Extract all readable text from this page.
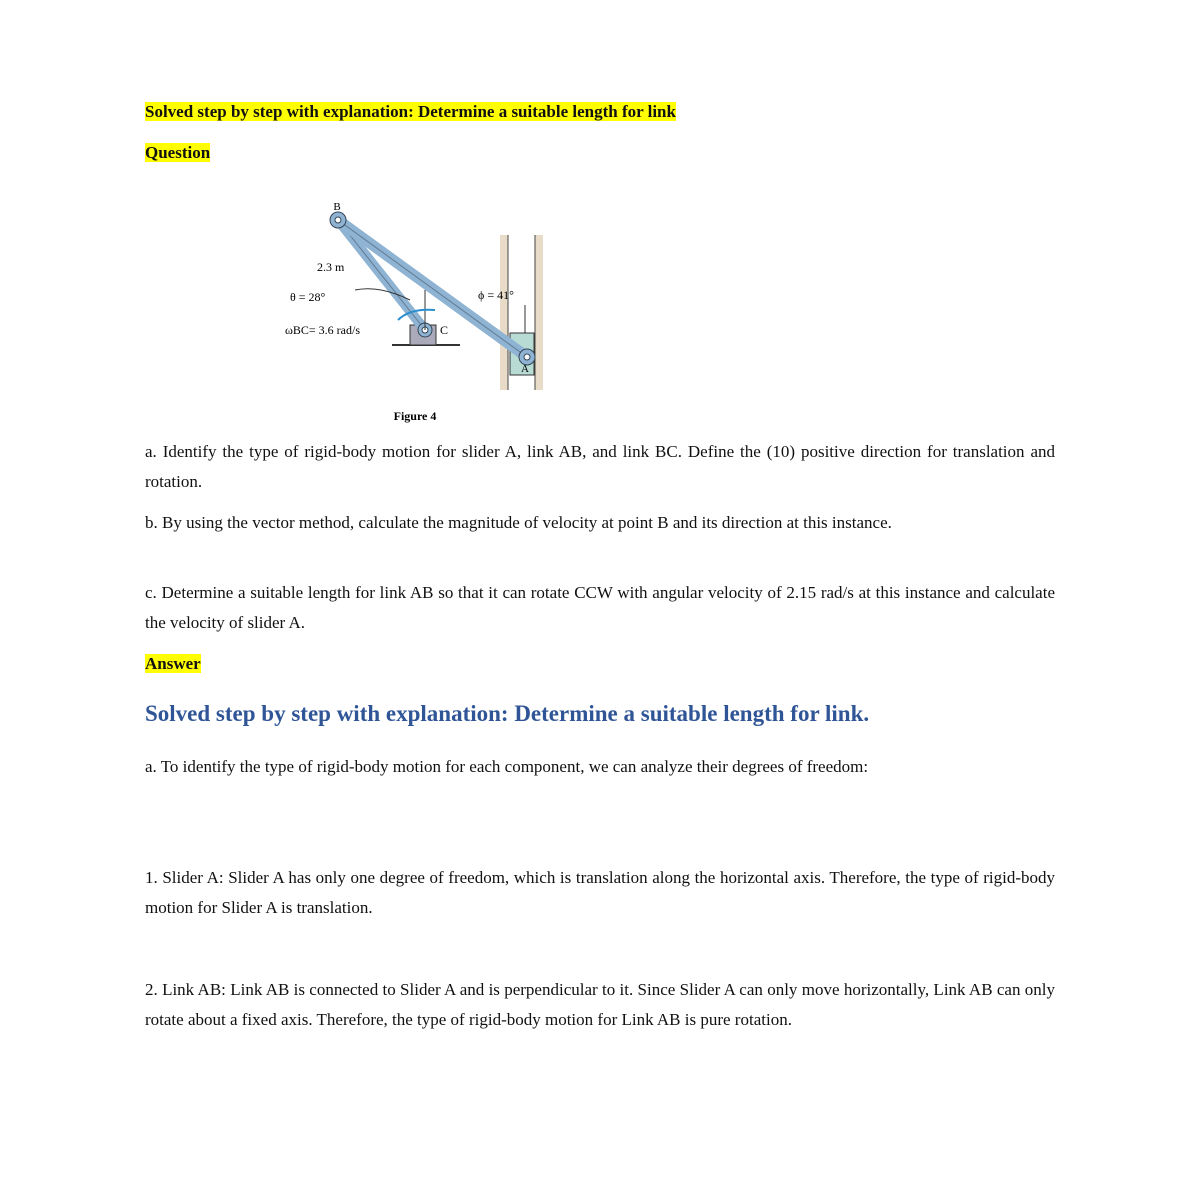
Solved step by step with explanation: Determine a suitable length for link
Question
B
C
A
2.3 m
θ = 28°	ϕ = 41°
ωBC= 3.6 rad/s
Figure 4
a. Identify the type of rigid-body motion for slider A, link AB, and link BC. Define the (10) positive direction for translation and rotation.
b. By using the vector method, calculate the magnitude of velocity at point B and its direction at this instance.
c. Determine a suitable length for link AB so that it can rotate CCW with angular velocity of 2.15 rad/s at this instance and calculate the velocity of slider A.
Answer
Solved step by step with explanation: Determine a suitable length for link.
a. To identify the type of rigid-body motion for each component, we can analyze their degrees of freedom:
1. Slider A: Slider A has only one degree of freedom, which is translation along the horizontal axis. Therefore, the type of rigid-body motion for Slider A is translation.
2. Link AB: Link AB is connected to Slider A and is perpendicular to it. Since Slider A can only move horizontally, Link AB can only rotate about a fixed axis. Therefore, the type of rigid-body motion for Link AB is pure rotation.
